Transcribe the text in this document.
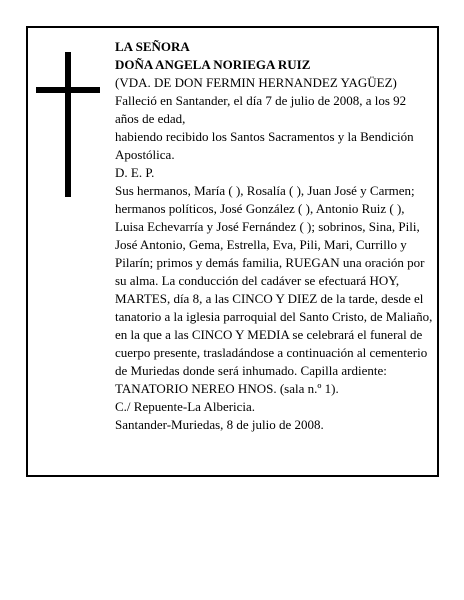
LA SEÑORA

DOÑA ANGELA NORIEGA RUIZ

(VDA. DE DON FERMIN HERNANDEZ YAGÜEZ)

Falleció en Santander, el día 7 de julio de 2008, a los 92 años de edad,

habiendo recibido los Santos Sacramentos y la Bendición Apostólica.

D. E. P.

Sus hermanos, María ( ), Rosalía ( ), Juan José y Carmen; hermanos políticos, José González ( ), Antonio Ruiz ( ), Luisa Echevarría y José Fernández ( ); sobrinos, Sina, Pili, José Antonio, Gema, Estrella, Eva, Pili, Mari, Currillo y Pilarín; primos y demás familia, RUEGAN una oración por su alma. La conducción del cadáver se efectuará HOY, MARTES, día 8, a las CINCO Y DIEZ de la tarde, desde el tanatorio a la iglesia parroquial del Santo Cristo, de Maliaño, en la que a las CINCO Y MEDIA se celebrará el funeral de cuerpo presente, trasladándose a continuación al cementerio de Muriedas donde será inhumado. Capilla ardiente: TANATORIO NEREO HNOS. (sala n.º 1).

C./ Repuente-La Albericia.

Santander-Muriedas, 8 de julio de 2008.
